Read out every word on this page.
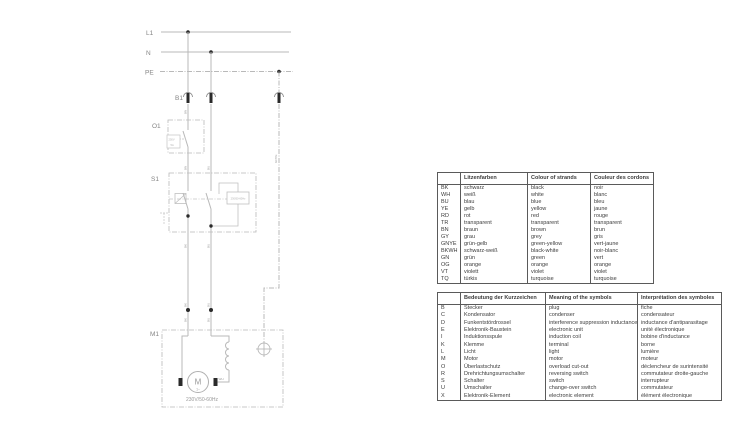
L1
N
PE
B1
BN
O1
250V
5A
S1
BN	BU
230/50-60Hz
BK	BU
GNYE
BK
BK
BU
BU
M1
WH
M
1~
230V/50-60Hz
	Litzenfarben	Colour of strands	Couleur des cordons
BK	schwarz	black	noir
WH	weiß	white	blanc
BU	blau	blue	bleu
YE	gelb	yellow	jaune
RD	rot	red	rouge
TR	transparent	transparent	transparent
BN	braun	brown	brun
GY	grau	grey	gris
GNYE	grün-gelb	green-yellow	vert-jaune
BKWH	schwarz-weiß	black-white	noir-blanc
GN	grün	green	vert
OG	orange	orange	orange
VT	violett	violet	violet
TQ	türkis	turquoise	turquoise
	Bedeutung der Kurzzeichen	Meaning of the symbols	Interprétation des symboles
B	Stecker	plug	fiche
C	Kondensator	condenser	condensateur
D	Funkentstördrossel	interference suppression inductance	inductance d'antiparasitage
E	Elektronik-Baustein	electronic unit	unité électronique
I	Induktionsspule	induction coil	bobine d'inductance
K	Klemme	terminal	borne
L	Licht	light	lumière
M	Motor	motor	moteur
O	Überlastschutz	overload cut-out	déclencheur de surintensité
R	Drehrichtungsumschalter	reversing switch	commutateur droite-gauche
S	Schalter	switch	interrupteur
U	Umschalter	change-over switch	commutateur
X	Elektronik-Element	electronic element	élément électronique
